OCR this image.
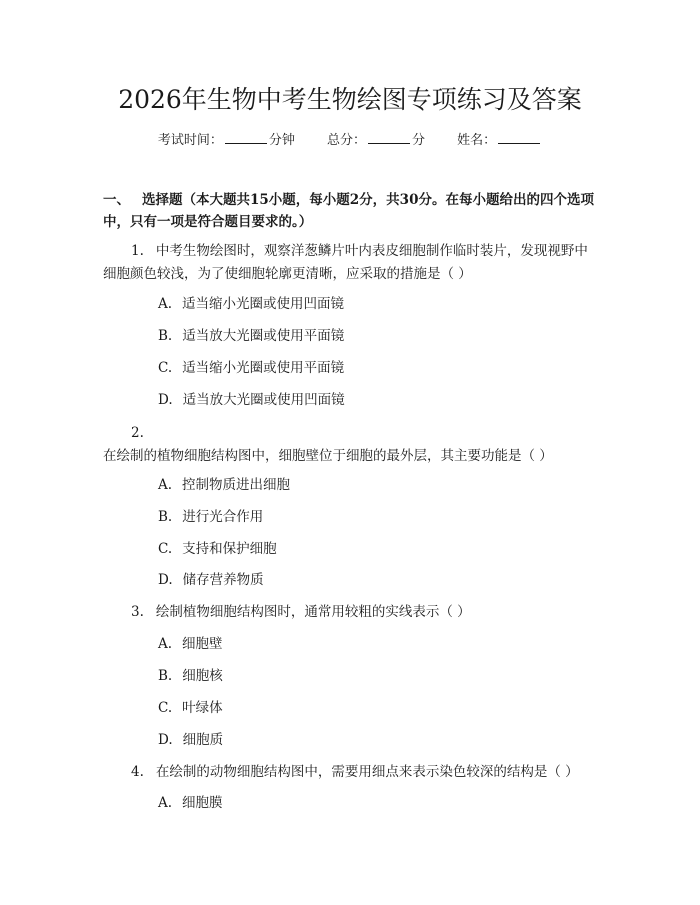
2026年生物中考生物绘图专项练习及答案
考试时间：	分钟 总分：	分 姓名：

一、 选择题（本大题共15小题，每小题2分，共30分。在每小题给出的四个选项中，只有一项是符合题目要求的。）

1. 中考生物绘图时，观察洋葱鳞片叶内表皮细胞制作临时装片，发现视野中细胞颜色较浅，为了使细胞轮廓更清晰，应采取的措施是（ ）

A. 适当缩小光圈或使用凹面镜

B. 适当放大光圈或使用平面镜

C. 适当缩小光圈或使用平面镜

D. 适当放大光圈或使用凹面镜

2.在绘制的植物细胞结构图中，细胞壁位于细胞的最外层，其主要功能是（ ）

A. 控制物质进出细胞

B. 进行光合作用

C. 支持和保护细胞

D. 储存营养物质

3. 绘制植物细胞结构图时，通常用较粗的实线表示（ ）

A. 细胞壁

B. 细胞核

C. 叶绿体

D. 细胞质

4. 在绘制的动物细胞结构图中，需要用细点来表示染色较深的结构是（ ）

A. 细胞膜
